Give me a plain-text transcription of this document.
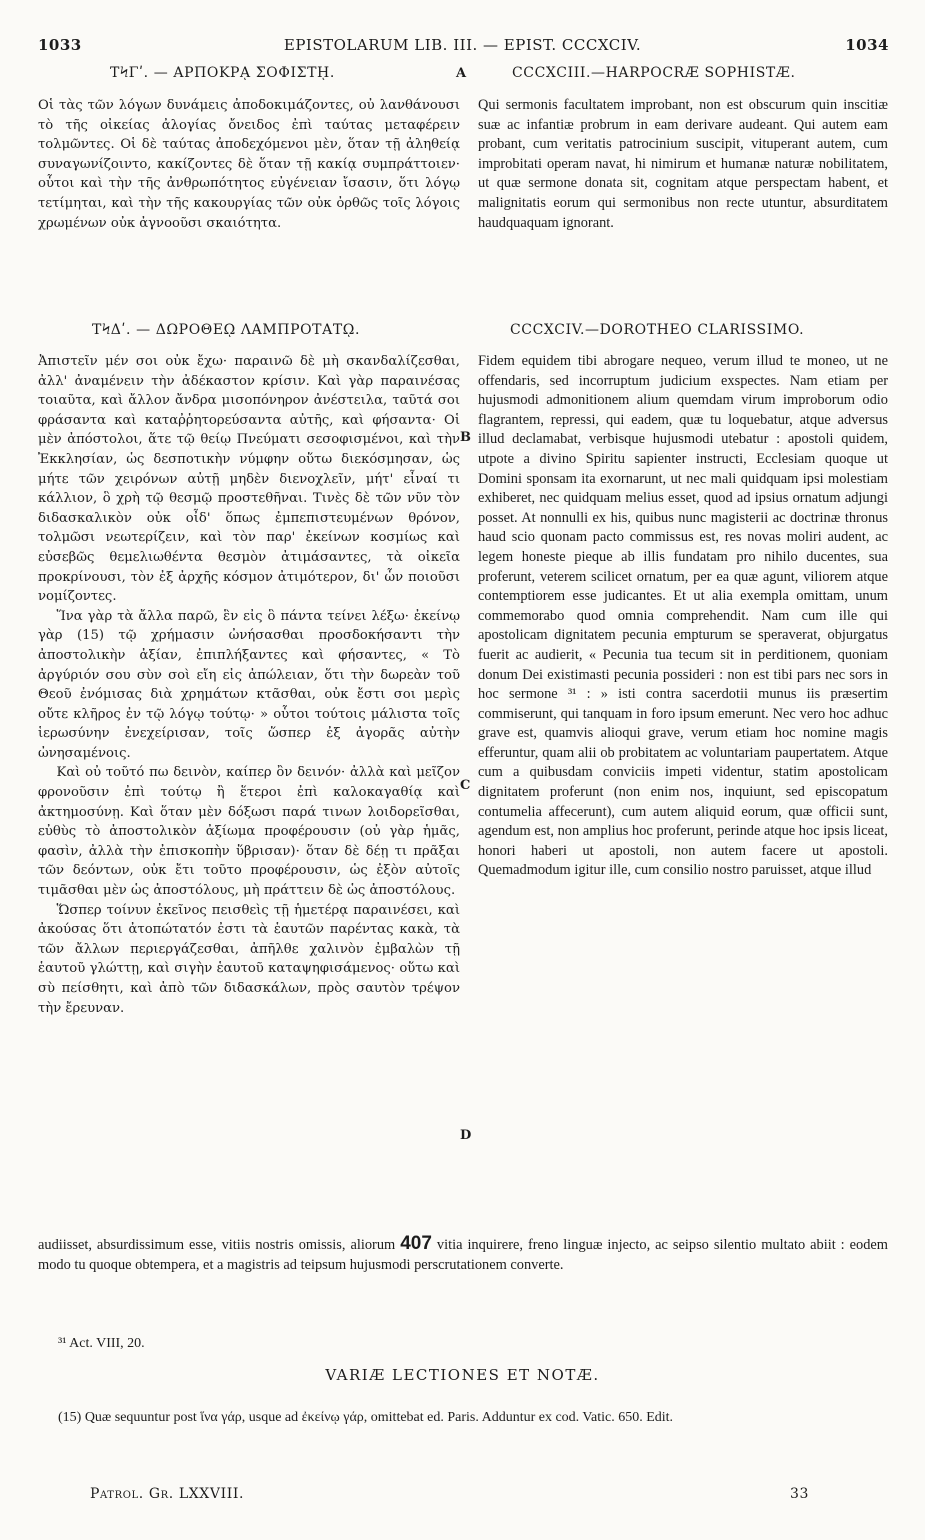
1033	EPISTOLARUM LIB. III. — EPIST. CCCXCIV.	1034
ΤϞΓʹ. — ΑΡΠΟΚΡᾼ ΣΟΦΙΣΤῌ.	A	CCCXCIII.—HARPOCRÆ SOPHISTÆ.

Οἱ τὰς τῶν λόγων δυνάμεις ἀποδοκιμάζοντες, οὐ λανθάνουσι τὸ τῆς οἰκείας ἀλογίας ὄνειδος ἐπὶ ταύτας μεταφέρειν τολμῶντες. Οἱ δὲ ταύτας ἀποδεχόμενοι μὲν, ὅταν τῇ ἀληθείᾳ συναγωνίζοιντο, κακίζοντες δὲ ὅταν τῇ κακίᾳ συμπράττοιεν· οὗτοι καὶ τὴν τῆς ἀνθρωπότητος εὐγένειαν ἴσασιν, ὅτι λόγῳ τετίμηται, καὶ τὴν τῆς κακουργίας τῶν οὐκ ὀρθῶς τοῖς λόγοις χρωμένων οὐκ ἀγνοοῦσι σκαιότητα.

Qui sermonis facultatem improbant, non est obscurum quin inscitiæ suæ ac infantiæ probrum in eam derivare audeant. Qui autem eam probant, cum veritatis patrocinium suscipit, vituperant autem, cum improbitati operam navat, hi nimirum et humanæ naturæ nobilitatem, ut quæ sermone donata sit, cognitam atque perspectam habent, et malignitatis eorum qui sermonibus non recte utuntur, absurditatem haudquaquam ignorant.

ΤϞΔʹ. — ΔΩΡΟΘΕῼ ΛΑΜΠΡΟΤΑΤῼ.	CCCXCIV.—DOROTHEO CLARISSIMO.
B
C
D

Ἀπιστεῖν μέν σοι οὐκ ἔχω· παραινῶ δὲ μὴ σκανδαλίζεσθαι, ἀλλ' ἀναμένειν τὴν ἀδέκαστον κρίσιν. Καὶ γὰρ παραινέσας τοιαῦτα, καὶ ἄλλον ἄνδρα μισοπόνηρον ἀνέστειλα, ταῦτά σοι φράσαντα καὶ καταῤῥητορεύσαντα αὐτῆς, καὶ φήσαντα· Οἱ μὲν ἀπόστολοι, ἅτε τῷ θείῳ Πνεύματι σεσοφισμένοι, καὶ τὴν Ἐκκλησίαν, ὡς δεσποτικὴν νύμφην οὕτω διεκόσμησαν, ὡς μήτε τῶν χειρόνων αὐτῇ μηδὲν διενοχλεῖν, μήτ' εἶναί τι κάλλιον, ὃ χρὴ τῷ θεσμῷ προστεθῆναι. Τινὲς δὲ τῶν νῦν τὸν διδασκαλικὸν οὐκ οἶδ' ὅπως ἐμπεπιστευμένων θρόνον, τολμῶσι νεωτερίζειν, καὶ τὸν παρ' ἐκείνων κοσμίως καὶ εὐσεβῶς θεμελιωθέντα θεσμὸν ἀτιμάσαντες, τὰ οἰκεῖα προκρίνουσι, τὸν ἐξ ἀρχῆς κόσμον ἀτιμότερον, δι' ὧν ποιοῦσι νομίζοντες.

Ἵνα γὰρ τὰ ἄλλα παρῶ, ἓν εἰς ὃ πάντα τείνει λέξω· ἐκείνῳ γὰρ (15) τῷ χρήμασιν ὠνήσασθαι προσδοκήσαντι τὴν ἀποστολικὴν ἀξίαν, ἐπιπλήξαντες καὶ φήσαντες, « Τὸ ἀργύριόν σου σὺν σοὶ εἴη εἰς ἀπώλειαν, ὅτι τὴν δωρεὰν τοῦ Θεοῦ ἐνόμισας διὰ χρημάτων κτᾶσθαι, οὐκ ἔστι σοι μερὶς οὔτε κλῆρος ἐν τῷ λόγῳ τούτῳ· » οὗτοι τούτοις μάλιστα τοῖς ἱερωσύνην ἐνεχείρισαν, τοῖς ὥσπερ ἐξ ἀγορᾶς αὐτὴν ὠνησαμένοις.

Καὶ οὐ τοῦτό πω δεινὸν, καίπερ ὂν δεινόν· ἀλλὰ καὶ μεῖζον φρονοῦσιν ἐπὶ τούτῳ ἢ ἕτεροι ἐπὶ καλοκαγαθίᾳ καὶ ἀκτημοσύνῃ. Καὶ ὅταν μὲν δόξωσι παρά τινων λοιδορεῖσθαι, εὐθὺς τὸ ἀποστολικὸν ἀξίωμα προφέρουσιν (οὐ γὰρ ἡμᾶς, φασὶν, ἀλλὰ τὴν ἐπισκοπὴν ὕβρισαν)· ὅταν δὲ δέῃ τι πρᾶξαι τῶν δεόντων, οὐκ ἔτι τοῦτο προφέρουσιν, ὡς ἐξὸν αὐτοῖς τιμᾶσθαι μὲν ὡς ἀποστόλους, μὴ πράττειν δὲ ὡς ἀποστόλους.

Ὥσπερ τοίνυν ἐκεῖνος πεισθεὶς τῇ ἡμετέρᾳ παραινέσει, καὶ ἀκούσας ὅτι ἀτοπώτατόν ἐστι τὰ ἑαυτῶν παρέντας κακὰ, τὰ τῶν ἄλλων περιεργάζεσθαι, ἀπῆλθε χαλινὸν ἐμβαλὼν τῇ ἑαυτοῦ γλώττῃ, καὶ σιγὴν ἑαυτοῦ καταψηφισάμενος· οὕτω καὶ σὺ πείσθητι, καὶ ἀπὸ τῶν διδασκάλων, πρὸς σαυτὸν τρέψον τὴν ἔρευναν.

Fidem equidem tibi abrogare nequeo, verum illud te moneo, ut ne offendaris, sed incorruptum judicium exspectes. Nam etiam per hujusmodi admonitionem alium quemdam virum improborum odio flagrantem, repressi, qui eadem, quæ tu loquebatur, atque adversus illud declamabat, verbisque hujusmodi utebatur : apostoli quidem, utpote a divino Spiritu sapienter instructi, Ecclesiam quoque ut Domini sponsam ita exornarunt, ut nec mali quidquam ipsi molestiam exhiberet, nec quidquam melius esset, quod ad ipsius ornatum adjungi posset. At nonnulli ex his, quibus nunc magisterii ac doctrinæ thronus haud scio quonam pacto commissus est, res novas moliri audent, ac legem honeste pieque ab illis fundatam pro nihilo ducentes, sua proferunt, veterem scilicet ornatum, per ea quæ agunt, viliorem atque contemptiorem esse judicantes. Et ut alia exempla omittam, unum commemorabo quod omnia comprehendit. Nam cum ille qui apostolicam dignitatem pecunia empturum se speraverat, objurgatus fuerit ac audierit, « Pecunia tua tecum sit in perditionem, quoniam donum Dei existimasti pecunia possideri : non est tibi pars nec sors in hoc sermone ³¹ : » isti contra sacerdotii munus iis præsertim commiserunt, qui tanquam in foro ipsum emerunt. Nec vero hoc adhuc grave est, quamvis alioqui grave, verum etiam hoc nomine magis efferuntur, quam alii ob probitatem ac voluntariam paupertatem. Atque cum a quibusdam conviciis impeti videntur, statim apostolicam dignitatem proferunt (non enim nos, inquiunt, sed episcopatum contumelia affecerunt), cum autem aliquid eorum, quæ officii sunt, agendum est, non amplius hoc proferunt, perinde atque hoc ipsis liceat, honori haberi ut apostoli, non autem facere ut apostoli. Quemadmodum igitur ille, cum consilio nostro paruisset, atque illud

audiisset, absurdissimum esse, vitiis nostris omissis, aliorum 407 vitia inquirere, freno linguæ injecto, ac seipso silentio multato abiit : eodem modo tu quoque obtempera, et a magistris ad teipsum hujusmodi perscrutationem converte.
³¹ Act. VIII, 20.
VARIÆ LECTIONES ET NOTÆ.
(15) Quæ sequuntur post ἵνα γάρ, usque ad ἐκείνῳ γάρ, omittebat ed. Paris. Adduntur ex cod. Vatic. 650. Edit.
Patrol. Gr. LXXVIII.	33
